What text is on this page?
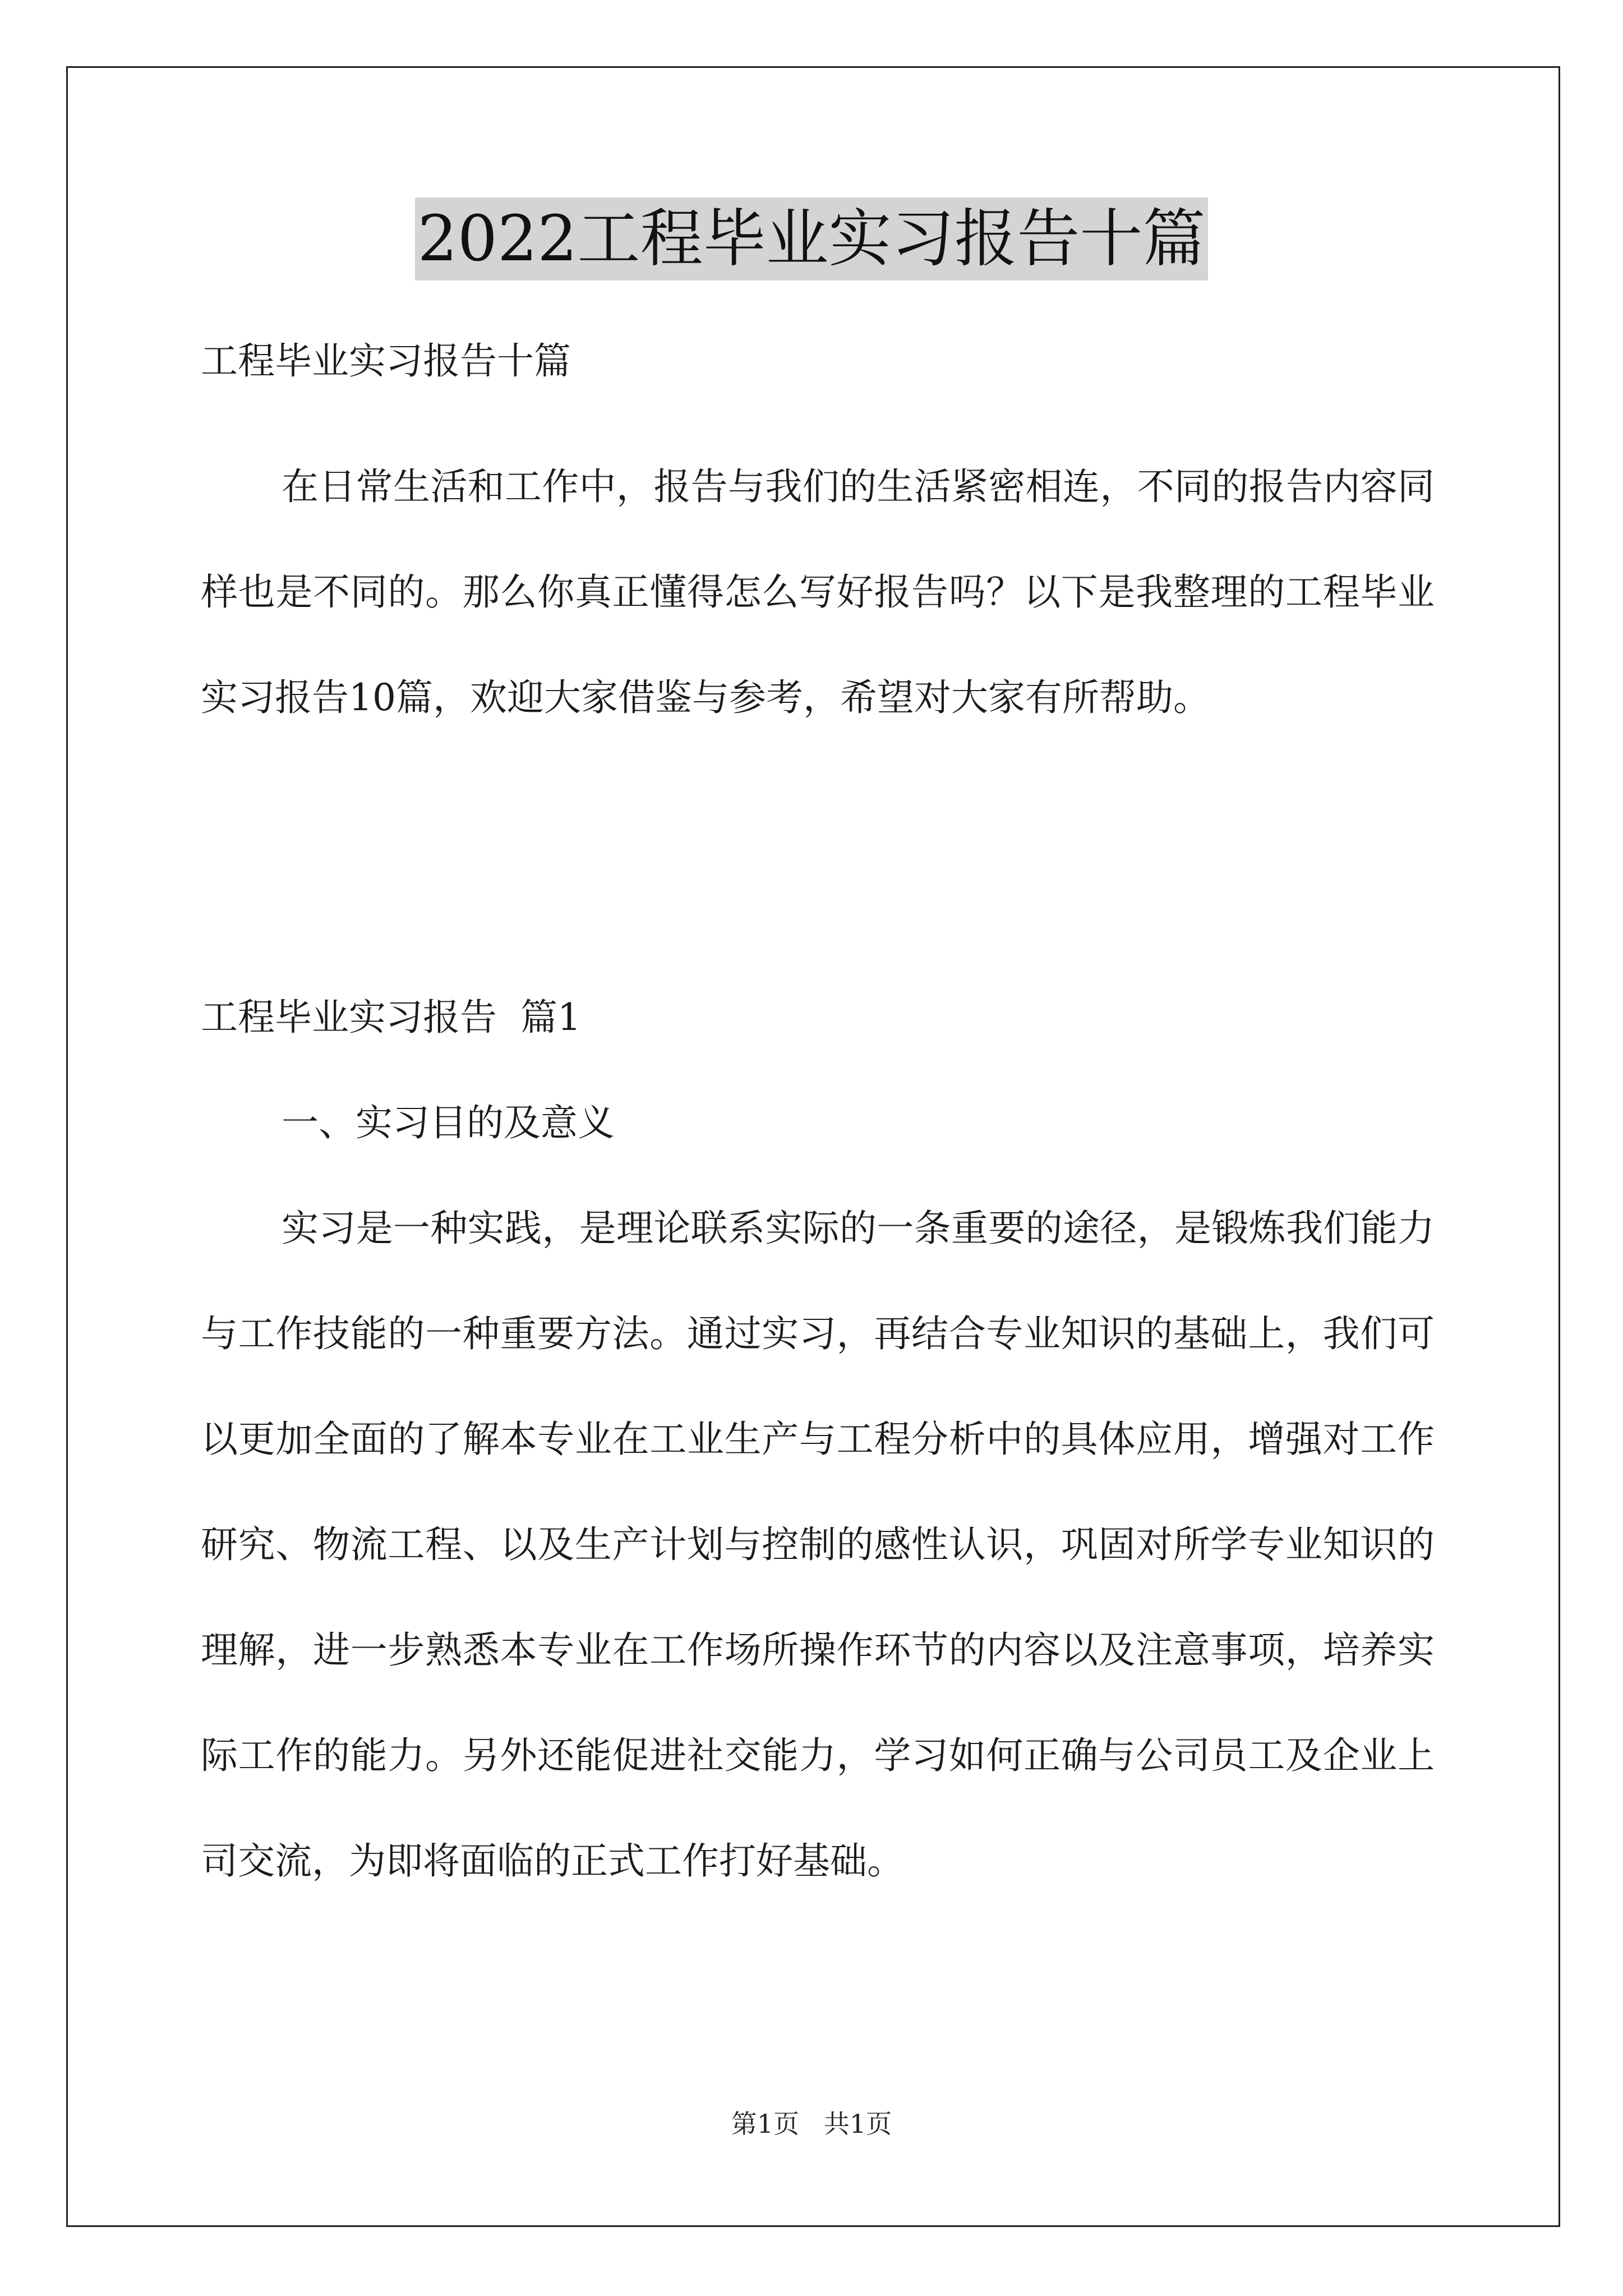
2022工程毕业实习报告十篇

工程毕业实习报告十篇

在日常生活和工作中，报告与我们的生活紧密相连，不同的报告内容同样也是不同的。那么你真正懂得怎么写好报告吗？以下是我整理的工程毕业实习报告10篇，欢迎大家借鉴与参考，希望对大家有所帮助。

工程毕业实习报告  篇1

一、实习目的及意义

实习是一种实践，是理论联系实际的一条重要的途径，是锻炼我们能力与工作技能的一种重要方法。通过实习，再结合专业知识的基础上，我们可以更加全面的了解本专业在工业生产与工程分析中的具体应用，增强对工作研究、物流工程、以及生产计划与控制的感性认识，巩固对所学专业知识的理解，进一步熟悉本专业在工作场所操作环节的内容以及注意事项，培养实际工作的能力。另外还能促进社交能力，学习如何正确与公司员工及企业上司交流，为即将面临的正式工作打好基础。

第1页   共1页
